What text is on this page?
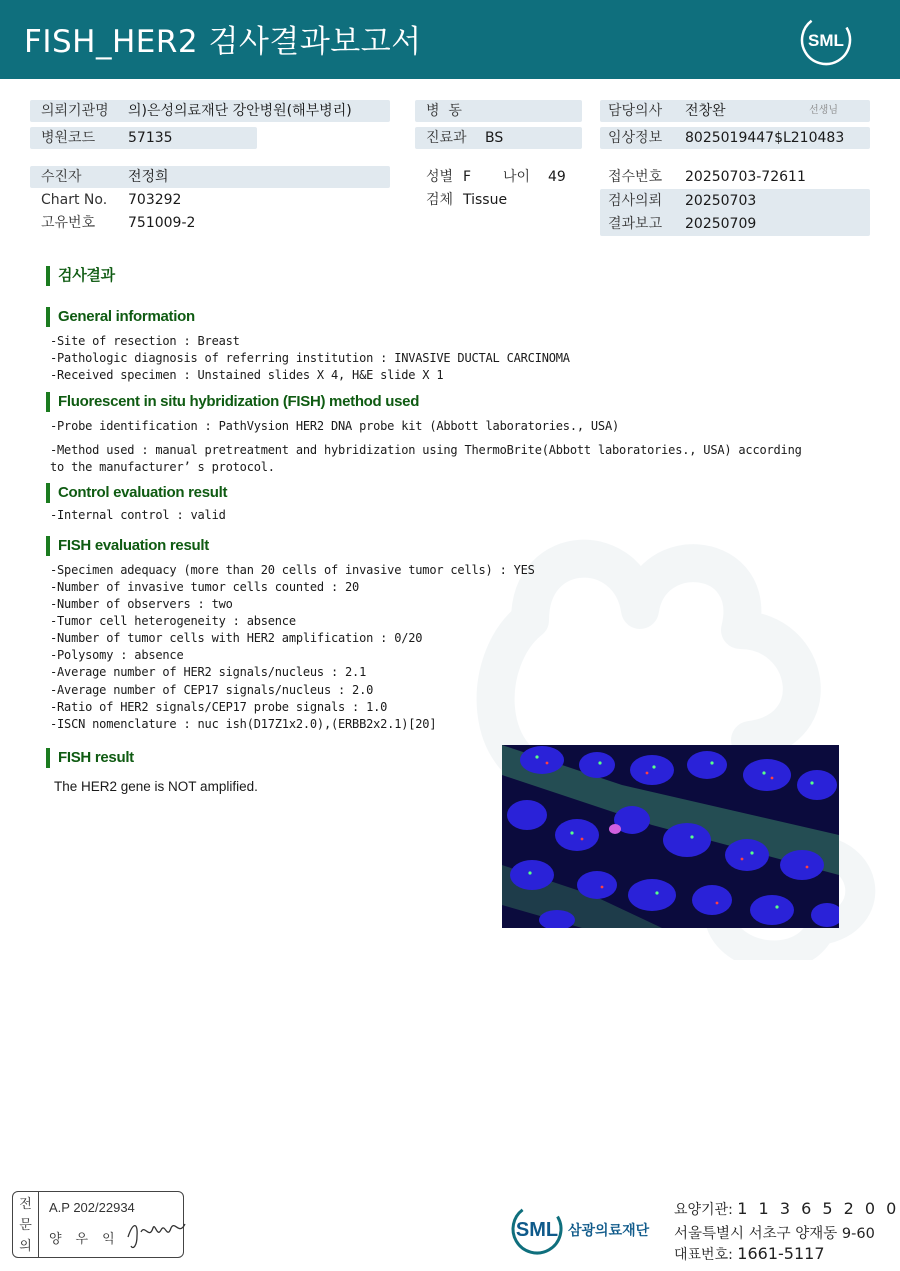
FISH_HER2 검사결과보고서	SML
의뢰기관명 의)은성의료재단 강안병원(해부병리)
병원코드 57135
병  동
진료과 BS
담당의사 전창완	선생님
임상정보 8025019447$L210483
수진자	전정희
Chart No. 703292
고유번호 751009-2
성별 F 나이 49
검체 Tissue
접수번호 20250703-72611
검사의뢰 20250703
결과보고 20250709
검사결과
General information
-Site of resection : Breast
-Pathologic diagnosis of referring institution : INVASIVE DUCTAL CARCINOMA
-Received specimen : Unstained slides X 4, H&E slide X 1
Fluorescent in situ hybridization (FISH) method used
-Probe identification : PathVysion HER2 DNA probe kit (Abbott laboratories., USA)
-Method used : manual pretreatment and hybridization using ThermoBrite(Abbott laboratories., USA) according
to the manufacturer’ s protocol.
Control evaluation result
-Internal control : valid
FISH evaluation result
-Specimen adequacy (more than 20 cells of invasive tumor cells) : YES
-Number of invasive tumor cells counted : 20
-Number of observers : two
-Tumor cell heterogeneity : absence
-Number of tumor cells with HER2 amplification : 0/20
-Polysomy : absence
-Average number of HER2 signals/nucleus : 2.1
-Average number of CEP17 signals/nucleus : 2.0
-Ratio of HER2 signals/CEP17 probe signals : 1.0
-ISCN nomenclature : nuc ish(D17Z1x2.0),(ERBB2x2.1)[20]
FISH result
The HER2 gene is NOT amplified.
전
문
의
A.P 202/22934
양우익	SML 삼광의료재단
요양기관: 1 1 3 6 5 2 0 0
서울특별시 서초구 양재동 9-60
대표번호: 1661-5117
